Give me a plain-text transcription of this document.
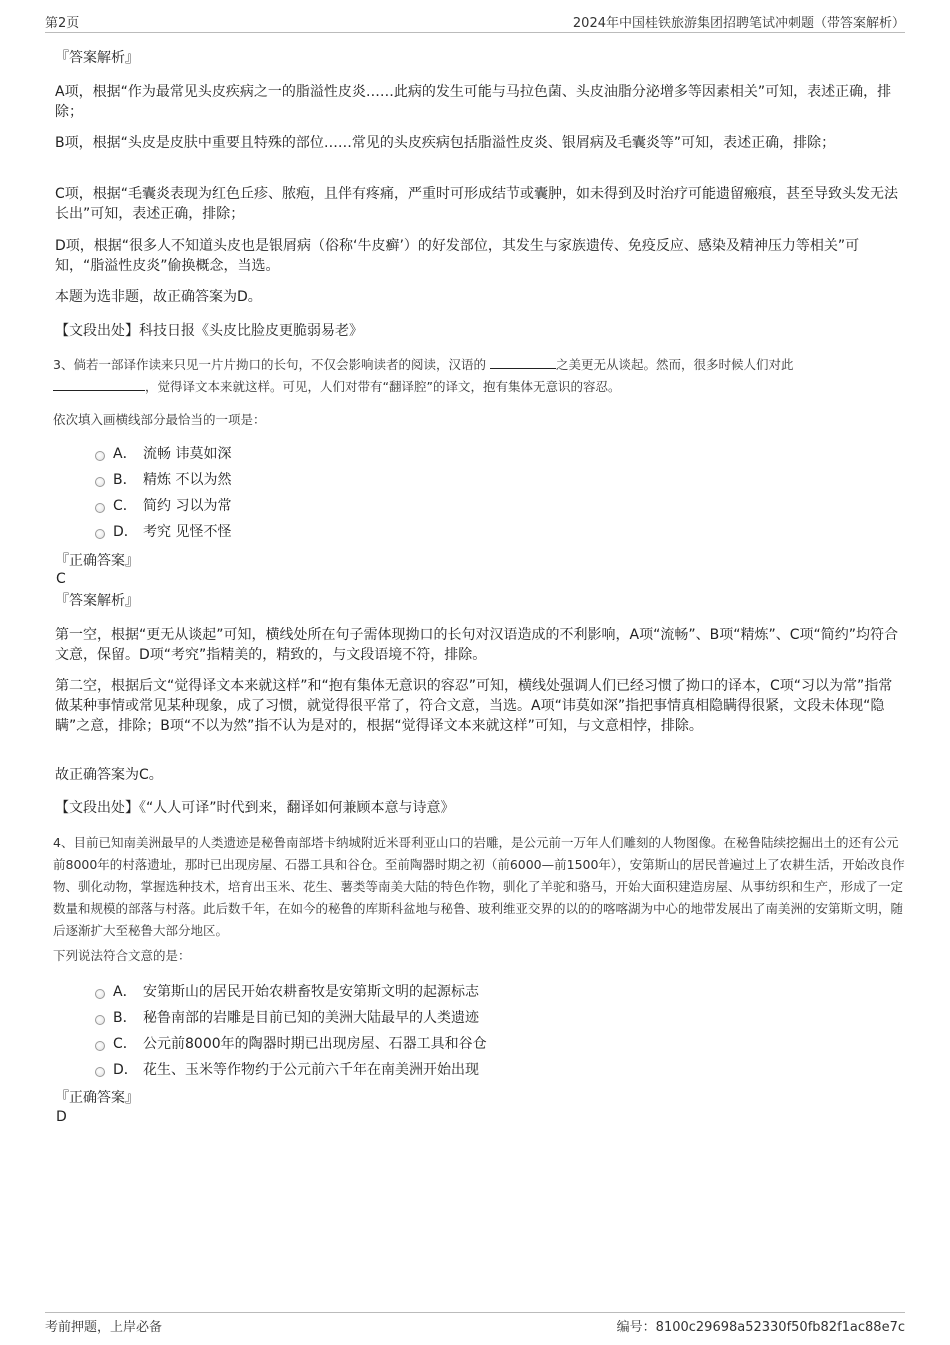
第2页	2024年中国桂铁旅游集团招聘笔试冲刺题（带答案解析）
『答案解析』
A项，根据“作为最常见头皮疾病之一的脂溢性皮炎……此病的发生可能与马拉色菌、头皮油脂分泌增多等因素相关”可知，表述正确，排除；
B项，根据“头皮是皮肤中重要且特殊的部位……常见的头皮疾病包括脂溢性皮炎、银屑病及毛囊炎等”可知，表述正确，排除；
C项，根据“毛囊炎表现为红色丘疹、脓疱，且伴有疼痛，严重时可形成结节或囊肿，如未得到及时治疗可能遗留瘢痕，甚至导致头发无法长出”可知，表述正确，排除；
D项，根据“很多人不知道头皮也是银屑病（俗称‘牛皮癣’）的好发部位，其发生与家族遗传、免疫反应、感染及精神压力等相关”可知，“脂溢性皮炎”偷换概念，当选。
本题为选非题，故正确答案为D。
【文段出处】科技日报《头皮比脸皮更脆弱易老》
3、倘若一部译作读来只见一片片拗口的长句，不仅会影响读者的阅读，汉语的	之美更无从谈起。然而，很多时候人们对此
，觉得译文本来就这样。可见，人们对带有“翻译腔”的译文，抱有集体无意识的容忍。
依次填入画横线部分最恰当的一项是：
A． 流畅 讳莫如深
B． 精炼 不以为然
C． 简约 习以为常
D． 考究 见怪不怪
『正确答案』
C
『答案解析』
第一空，根据“更无从谈起”可知，横线处所在句子需体现拗口的长句对汉语造成的不利影响，A项“流畅”、B项“精炼”、C项“简约”均符合文意，保留。D项“考究”指精美的，精致的，与文段语境不符，排除。
第二空，根据后文“觉得译文本来就这样”和“抱有集体无意识的容忍”可知，横线处强调人们已经习惯了拗口的译本，C项“习以为常”指常做某种事情或常见某种现象，成了习惯，就觉得很平常了，符合文意，当选。A项“讳莫如深”指把事情真相隐瞒得很紧，文段未体现“隐瞒”之意，排除；B项“不以为然”指不认为是对的，根据“觉得译文本来就这样”可知，与文意相悖，排除。
故正确答案为C。
【文段出处】《“人人可译”时代到来，翻译如何兼顾本意与诗意》
4、目前已知南美洲最早的人类遗迹是秘鲁南部塔卡纳城附近米哥利亚山口的岩雕，是公元前一万年人们雕刻的人物图像。在秘鲁陆续挖掘出土的还有公元前8000年的村落遗址，那时已出现房屋、石器工具和谷仓。至前陶器时期之初（前6000—前1500年），安第斯山的居民普遍过上了农耕生活，开始改良作物、驯化动物，掌握选种技术，培育出玉米、花生、薯类等南美大陆的特色作物，驯化了羊驼和骆马，开始大面积建造房屋、从事纺织和生产，形成了一定数量和规模的部落与村落。此后数千年，在如今的秘鲁的库斯科盆地与秘鲁、玻利维亚交界的以的的喀喀湖为中心的地带发展出了南美洲的安第斯文明，随后逐渐扩大至秘鲁大部分地区。
下列说法符合文意的是：
A． 安第斯山的居民开始农耕畜牧是安第斯文明的起源标志
B． 秘鲁南部的岩雕是目前已知的美洲大陆最早的人类遗迹
C． 公元前8000年的陶器时期已出现房屋、石器工具和谷仓
D． 花生、玉米等作物约于公元前六千年在南美洲开始出现
『正确答案』
D
考前押题，上岸必备	编号：8100c29698a52330f50fb82f1ac88e7c
